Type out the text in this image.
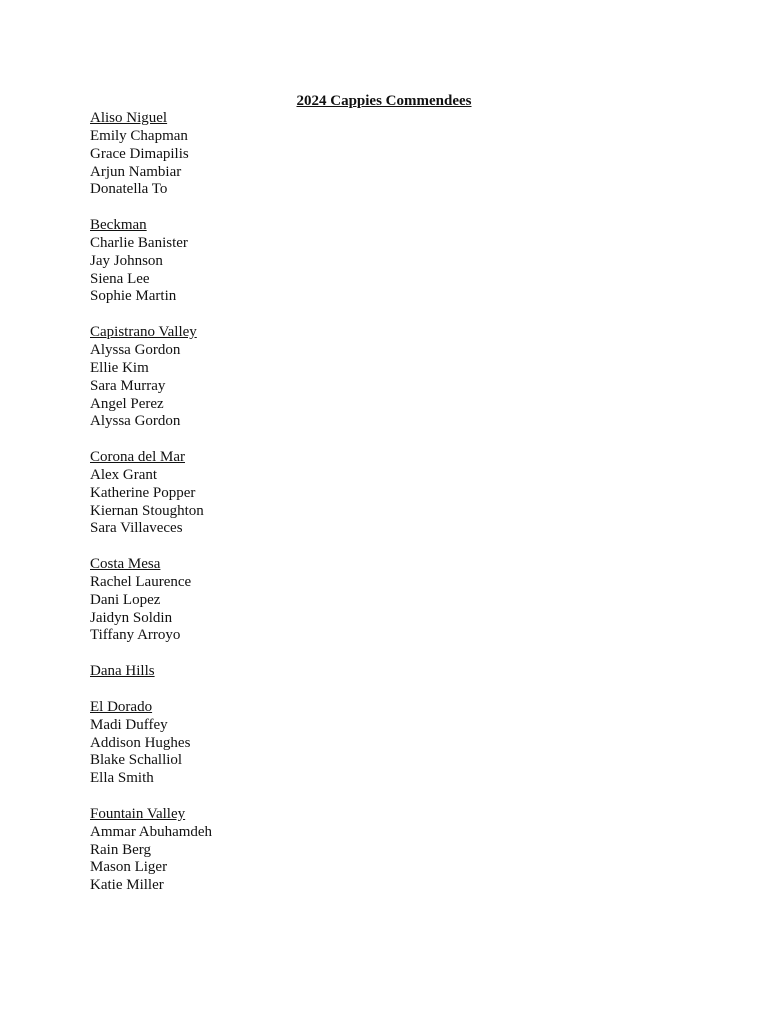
2024 Cappies Commendees
Aliso Niguel
Emily Chapman
Grace Dimapilis
Arjun Nambiar
Donatella To
Beckman
Charlie Banister
Jay Johnson
Siena Lee
Sophie Martin
Capistrano Valley
Alyssa Gordon
Ellie Kim
Sara Murray
Angel Perez
Alyssa Gordon
Corona del Mar
Alex Grant
Katherine Popper
Kiernan Stoughton
Sara Villaveces
Costa Mesa
Rachel Laurence
Dani Lopez
Jaidyn Soldin
Tiffany Arroyo
Dana Hills
El Dorado
Madi Duffey
Addison Hughes
Blake Schalliol
Ella Smith
Fountain Valley
Ammar Abuhamdeh
Rain Berg
Mason Liger
Katie Miller
